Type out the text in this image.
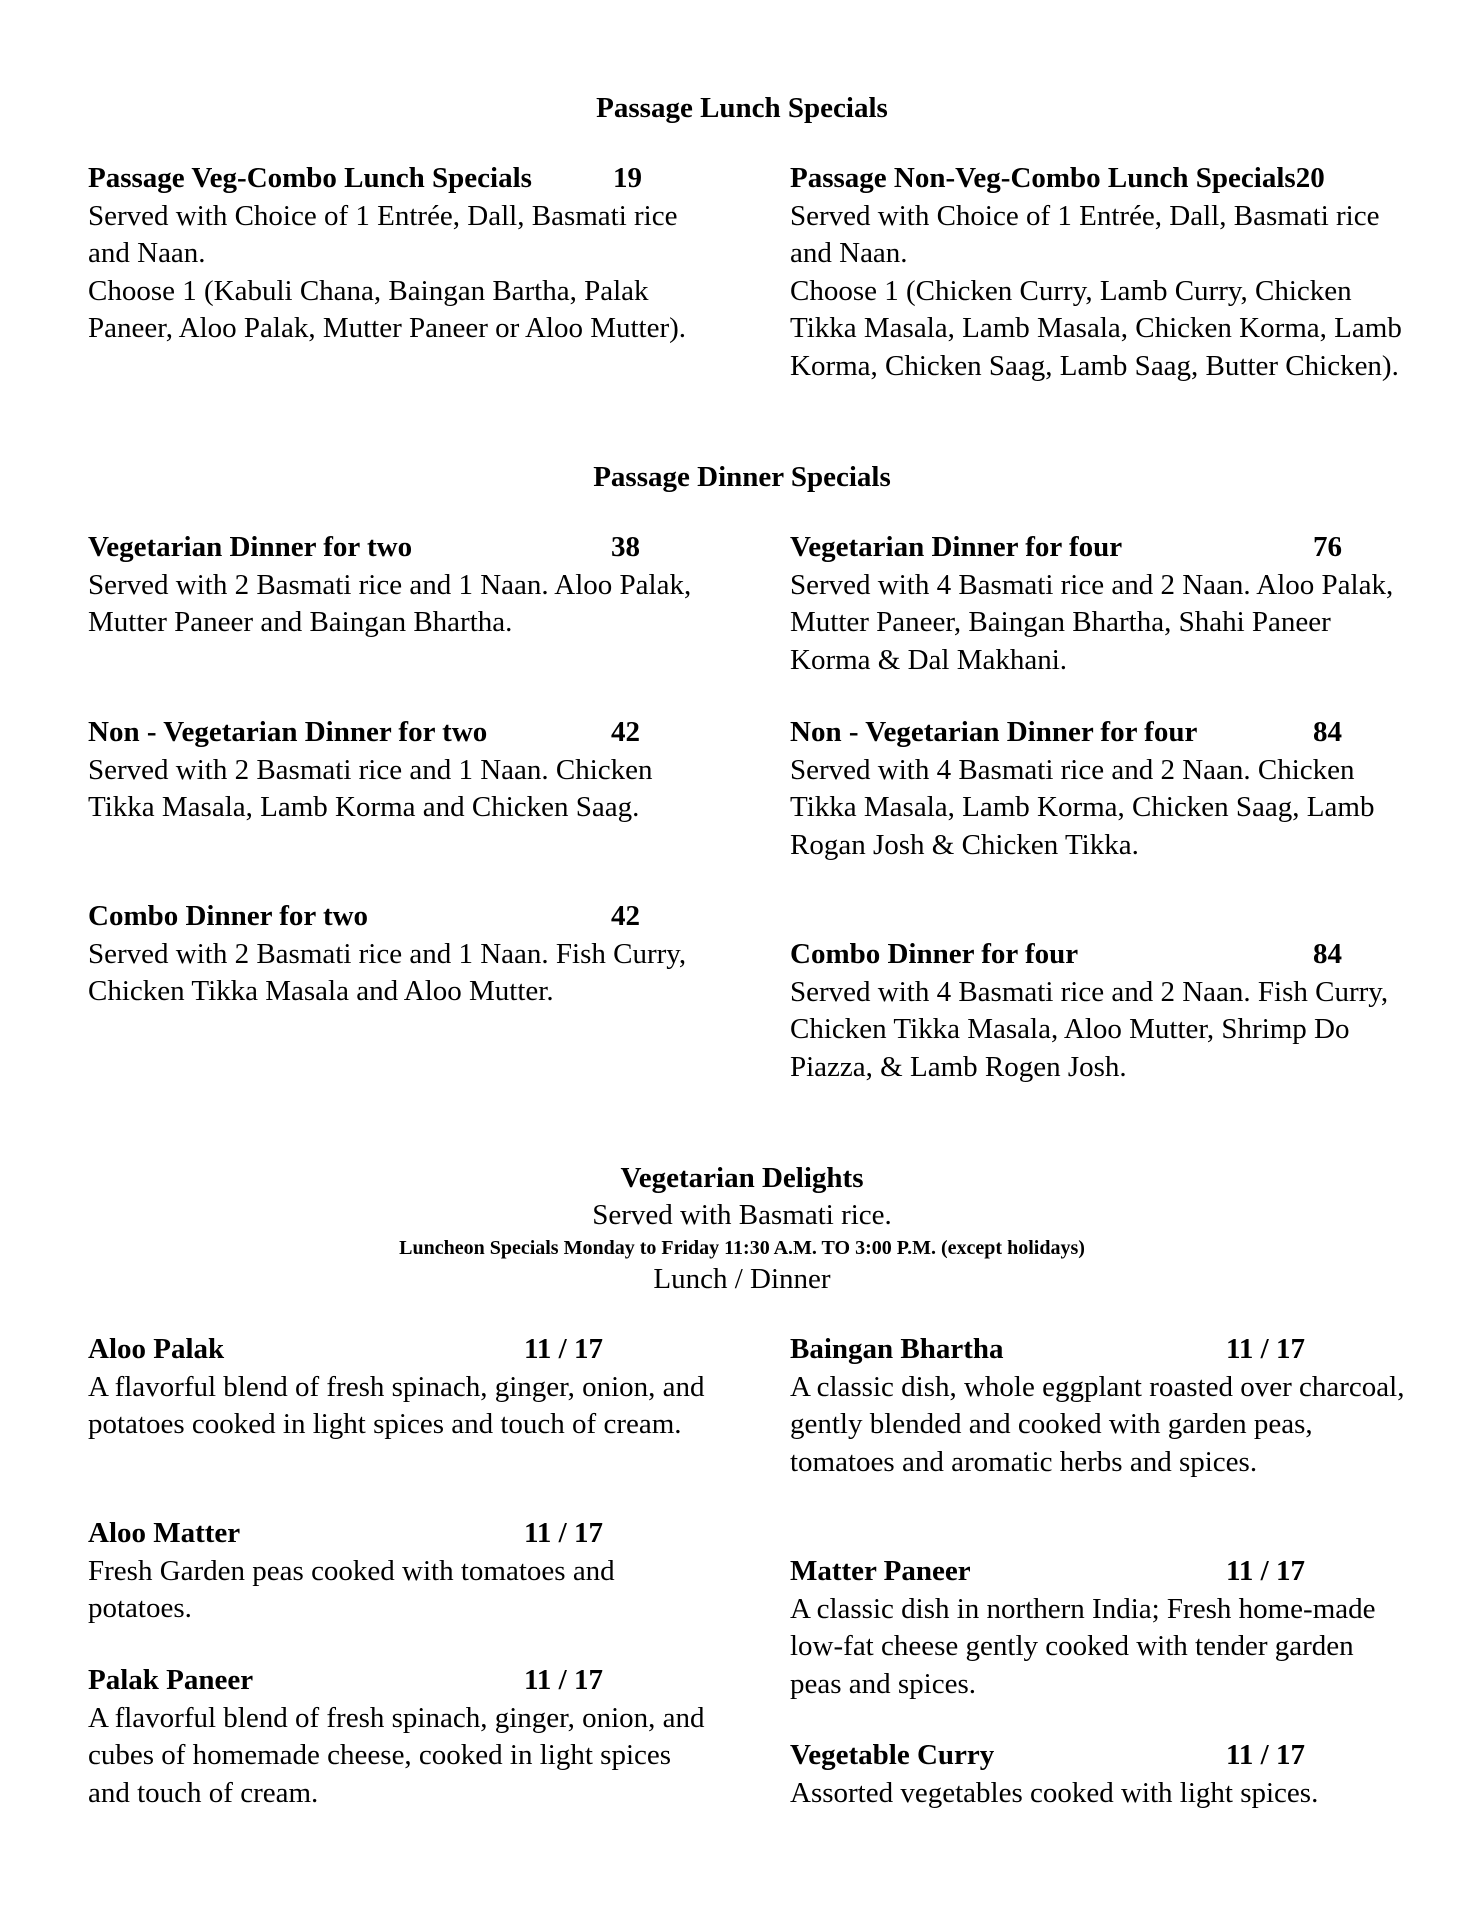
Passage Lunch Specials
Passage Veg-Combo Lunch Specials	19
Served with Choice of 1 Entrée, Dall, Basmati rice and Naan.
Choose 1 (Kabuli Chana, Baingan Bartha, Palak Paneer, Aloo Palak, Mutter Paneer or Aloo Mutter).
Passage Non-Veg-Combo Lunch Specials20
Served with Choice of 1 Entrée, Dall, Basmati rice and Naan.
Choose 1 (Chicken Curry, Lamb Curry, Chicken Tikka Masala, Lamb Masala, Chicken Korma, Lamb Korma, Chicken Saag, Lamb Saag, Butter Chicken).
Passage Dinner Specials
Vegetarian Dinner for two	38
Served with 2 Basmati rice and 1 Naan. Aloo Palak, Mutter Paneer and Baingan Bhartha.
Vegetarian Dinner for four	76
Served with 4 Basmati rice and 2 Naan. Aloo Palak, Mutter Paneer, Baingan Bhartha, Shahi Paneer Korma & Dal Makhani.
Non - Vegetarian Dinner for two	42
Served with 2 Basmati rice and 1 Naan. Chicken Tikka Masala, Lamb Korma and Chicken Saag.
Non - Vegetarian Dinner for four	84
Served with 4 Basmati rice and 2 Naan. Chicken Tikka Masala, Lamb Korma, Chicken Saag, Lamb Rogan Josh & Chicken Tikka.
Combo Dinner for two	42
Served with 2 Basmati rice and 1 Naan. Fish Curry, Chicken Tikka Masala and Aloo Mutter.
Combo Dinner for four	84
Served with 4 Basmati rice and 2 Naan. Fish Curry, Chicken Tikka Masala, Aloo Mutter, Shrimp Do Piazza, & Lamb Rogen Josh.
Vegetarian Delights
Served with Basmati rice.
Luncheon Specials Monday to Friday 11:30 A.M. TO 3:00 P.M. (except holidays)
Lunch / Dinner
Aloo Palak	11 / 17
A flavorful blend of fresh spinach, ginger, onion, and potatoes cooked in light spices and touch of cream.
Baingan Bhartha	11 / 17
A classic dish, whole eggplant roasted over charcoal, gently blended and cooked with garden peas, tomatoes and aromatic herbs and spices.
Aloo Matter	11 / 17
Fresh Garden peas cooked with tomatoes and potatoes.
Matter Paneer	11 / 17
A classic dish in northern India; Fresh home-made low-fat cheese gently cooked with tender garden peas and spices.
Palak Paneer	11 / 17
A flavorful blend of fresh spinach, ginger, onion, and cubes of homemade cheese, cooked in light spices and touch of cream.
Vegetable Curry	11 / 17
Assorted vegetables cooked with light spices.
